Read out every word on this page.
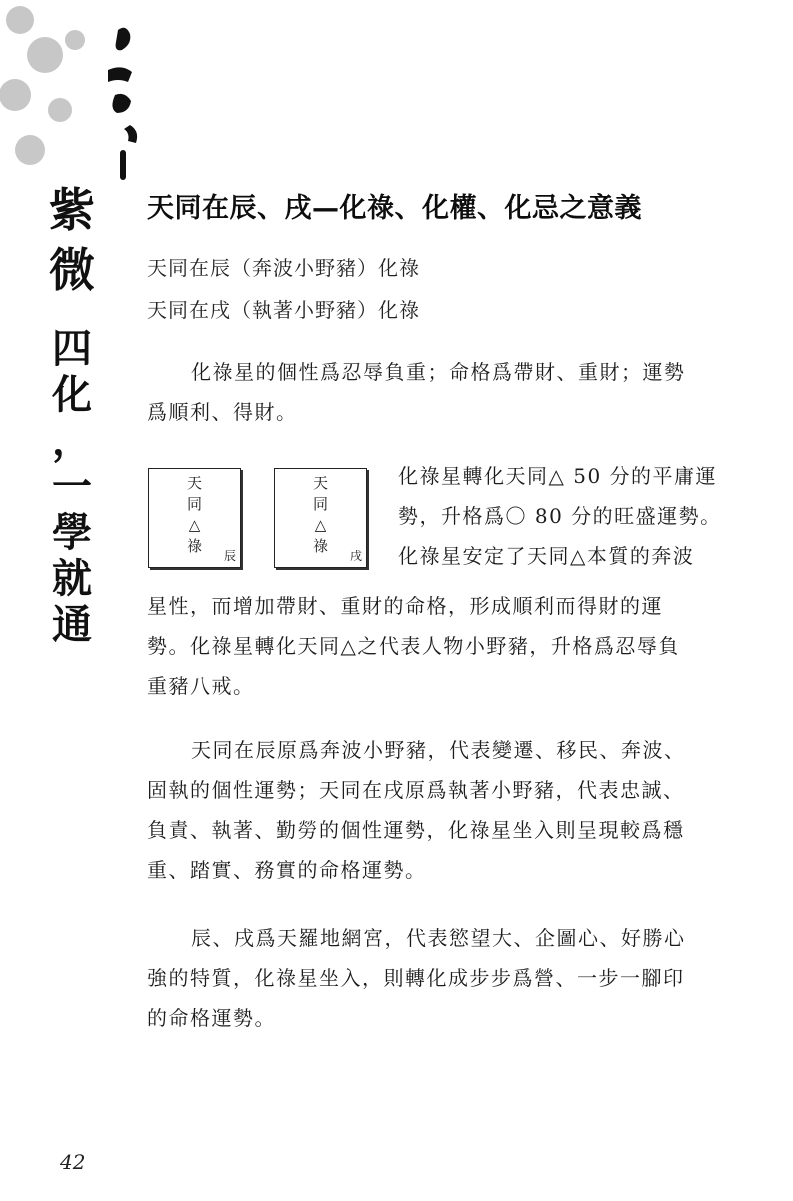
紫
微
四
化
，
一
學
就
通
天同在辰、戌—化祿、化權、化忌之意義
天同在辰（奔波小野豬）化祿
天同在戌（執著小野豬）化祿
化祿星的個性爲忍辱負重；命格爲帶財、重財；運勢
爲順利、得財。
天
同
△
祿
辰
天
同
△
祿
戌
化祿星轉化天同△ 50 分的平庸運
勢，升格爲〇 80 分的旺盛運勢。
化祿星安定了天同△本質的奔波
星性，而增加帶財、重財的命格，形成順利而得財的運
勢。化祿星轉化天同△之代表人物小野豬，升格爲忍辱負
重豬八戒。
天同在辰原爲奔波小野豬，代表變遷、移民、奔波、
固執的個性運勢；天同在戌原爲執著小野豬，代表忠誠、
負責、執著、勤勞的個性運勢，化祿星坐入則呈現較爲穩
重、踏實、務實的命格運勢。
辰、戌爲天羅地網宮，代表慾望大、企圖心、好勝心
強的特質，化祿星坐入，則轉化成步步爲營、一步一腳印
的命格運勢。
42
